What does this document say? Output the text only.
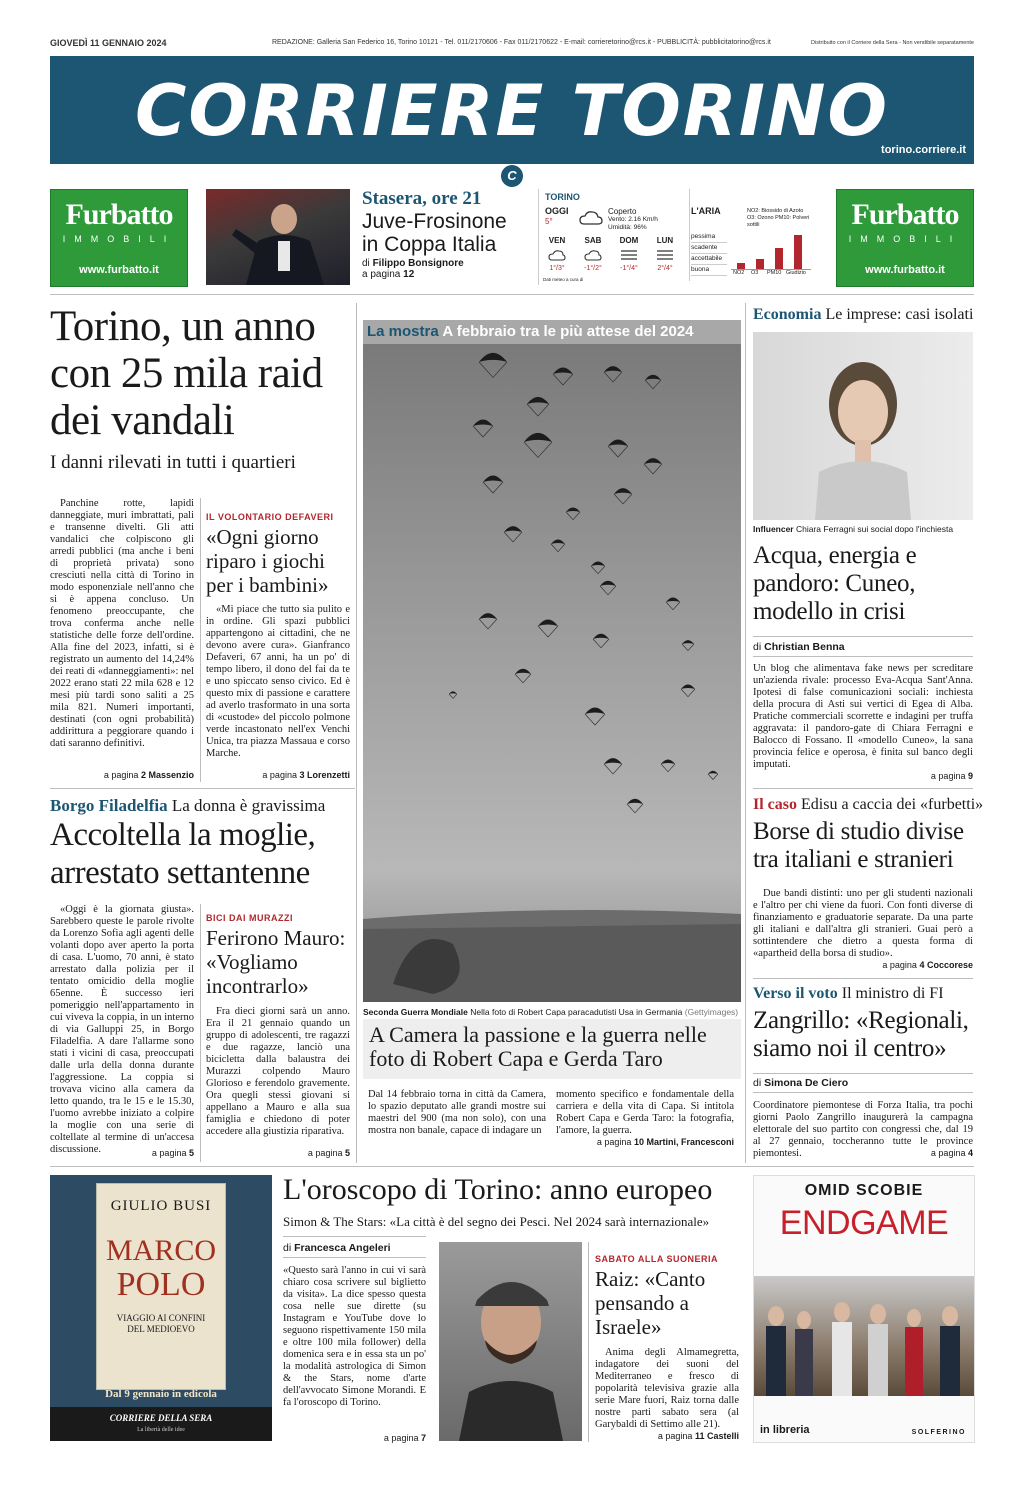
GIOVEDÌ 11 GENNAIO 2024	REDAZIONE: Galleria San Federico 16, Torino 10121 - Tel. 011/2170606 - Fax 011/2170622 - E-mail: corrieretorino@rcs.it - PUBBLICITÀ: pubblicitatorino@rcs.it	Distribuito con il Corriere della Sera - Non vendibile separatamente
CORRIERE TORINO
torino.corriere.it
C
Furbatto
IMMOBILI
www.furbatto.it
Stasera, ore 21
Juve-Frosinone in Coppa Italia
di Filippo Bonsignore
a pagina 12
TORINO
OGGI
5°
Coperto
Vento: 2.16 Km/h
Umidità: 96%
VEN	SAB	DOM	LUN
1°/3°	-1°/2°	-1°/4°	2°/4°
Dati meteo a cura di
L'ARIA	NO2: Biossido di Azoto O3: Ozono PM10: Polveri sottili
pessima
scadente
accettabile
buona	NO2 O3 PM10 Giudizio
Furbatto
IMMOBILI
www.furbatto.it
Torino, un anno con 25 mila raid dei vandali
I danni rilevati in tutti i quartieri
Panchine rotte, lapidi danneggiate, muri imbrattati, pali e transenne divelti. Gli atti vandalici che colpiscono gli arredi pubblici (ma anche i beni di proprietà privata) sono cresciuti nella città di Torino in modo esponenziale nell'anno che si è appena concluso. Un fenomeno preoccupante, che trova conferma anche nelle statistiche delle forze dell'ordine. Alla fine del 2023, infatti, si è registrato un aumento del 14,24% dei reati di «danneggiamenti»: nel 2022 erano stati 22 mila 628 e 12 mesi più tardi sono saliti a 25 mila 821. Numeri importanti, destinati (con ogni probabilità) addirittura a peggiorare quando i dati saranno definitivi.
a pagina 2 Massenzio
IL VOLONTARIO DEFAVERI
«Ogni giorno riparo i giochi per i bambini»
«Mi piace che tutto sia pulito e in ordine. Gli spazi pubblici appartengono ai cittadini, che ne devono avere cura». Gianfranco Defaveri, 67 anni, ha un po' di tempo libero, il dono del fai da te e uno spiccato senso civico. Ed è questo mix di passione e carattere ad averlo trasformato in una sorta di «custode» del piccolo polmone verde incastonato nell'ex Venchi Unica, tra piazza Massaua e corso Marche.
a pagina 3 Lorenzetti
Borgo Filadelfia La donna è gravissima
Accoltella la moglie, arrestato settantenne
«Oggi è la giornata giusta». Sarebbero queste le parole rivolte da Lorenzo Sofia agli agenti delle volanti dopo aver aperto la porta di casa. L'uomo, 70 anni, è stato arrestato dalla polizia per il tentato omicidio della moglie 65enne. È successo ieri pomeriggio nell'appartamento in cui viveva la coppia, in un interno di via Galluppi 25, in Borgo Filadelfia. A dare l'allarme sono stati i vicini di casa, preoccupati dalle urla della donna durante l'aggressione. La coppia si trovava vicino alla camera da letto quando, tra le 15 e le 15.30, l'uomo avrebbe iniziato a colpire la moglie con una serie di coltellate al termine di un'accesa discussione.	a pagina 5
BICI DAI MURAZZI
Ferirono Mauro: «Vogliamo incontrarlo»
Fra dieci giorni sarà un anno. Era il 21 gennaio quando un gruppo di adolescenti, tre ragazzi e due ragazze, lanciò una bicicletta dalla balaustra dei Murazzi colpendo Mauro Glorioso e ferendolo gravemente. Ora quegli stessi giovani si appellano a Mauro e alla sua famiglia e chiedono di poter accedere alla giustizia riparativa.
a pagina 5
La mostra A febbraio tra le più attese del 2024
Seconda Guerra Mondiale Nella foto di Robert Capa paracadutisti Usa in Germania (Gettyimages)
A Camera la passione e la guerra nelle foto di Robert Capa e Gerda Taro
Dal 14 febbraio torna in città da Camera, lo spazio deputato alle grandi mostre sui maestri del 900 (ma non solo), con una mostra non banale, capace di indagare un
momento specifico e fondamentale della carriera e della vita di Capa. Si intitola Robert Capa e Gerda Taro: la fotografia, l'amore, la guerra.
a pagina 10 Martini, Francesconi
Economia Le imprese: casi isolati
Influencer Chiara Ferragni sui social dopo l'inchiesta
Acqua, energia e pandoro: Cuneo, modello in crisi
di Christian Benna
Un blog che alimentava fake news per screditare un'azienda rivale: processo Eva-Acqua Sant'Anna. Ipotesi di false comunicazioni sociali: inchiesta della procura di Asti sui vertici di Egea di Alba. Pratiche commerciali scorrette e indagini per truffa aggravata: il pandoro-gate di Chiara Ferragni e Balocco di Fossano. Il «modello Cuneo», la sana provincia felice e operosa, è finita sul banco degli imputati.
a pagina 9
Il caso Edisu a caccia dei «furbetti»
Borse di studio divise tra italiani e stranieri
Due bandi distinti: uno per gli studenti nazionali e l'altro per chi viene da fuori. Con fonti diverse di finanziamento e graduatorie separate. Da una parte gli italiani e dall'altra gli stranieri. Guai però a sottintendere che dietro a questa forma di «apartheid della borsa di studio».
a pagina 4 Coccorese
Verso il voto Il ministro di FI
Zangrillo: «Regionali, siamo noi il centro»
di Simona De Ciero
Coordinatore piemontese di Forza Italia, tra pochi giorni Paolo Zangrillo inaugurerà la campagna elettorale del suo partito con congressi che, dal 19 al 27 gennaio, toccheranno tutte le province piemontesi.	a pagina 4
GIULIO BUSI
MARCO
POLO
VIAGGIO AI CONFINI DEL MEDIOEVO
Dal 9 gennaio in edicola
CORRIERE DELLA SERA
La libertà delle idee
L'oroscopo di Torino: anno europeo
Simon & The Stars: «La città è del segno dei Pesci. Nel 2024 sarà internazionale»
di Francesca Angeleri
«Questo sarà l'anno in cui vi sarà chiaro cosa scrivere sul biglietto da visita». La dice spesso questa cosa nelle sue dirette (su Instagram e YouTube dove lo seguono rispettivamente 150 mila e oltre 100 mila follower) della domenica sera e in essa sta un po' la modalità astrologica di Simon & the Stars, nome d'arte dell'avvocato Simone Morandi. E fa l'oroscopo di Torino.
a pagina 7
SABATO ALLA SUONERIA
Raiz: «Canto pensando a Israele»
Anima degli Almamegretta, indagatore dei suoni del Mediterraneo e fresco di popolarità televisiva grazie alla serie Mare fuori, Raiz torna dalle nostre parti sabato sera (al Garybaldi di Settimo alle 21).
a pagina 11 Castelli
OMID SCOBIE
ENDGAME
in libreria	SOLFERINO
